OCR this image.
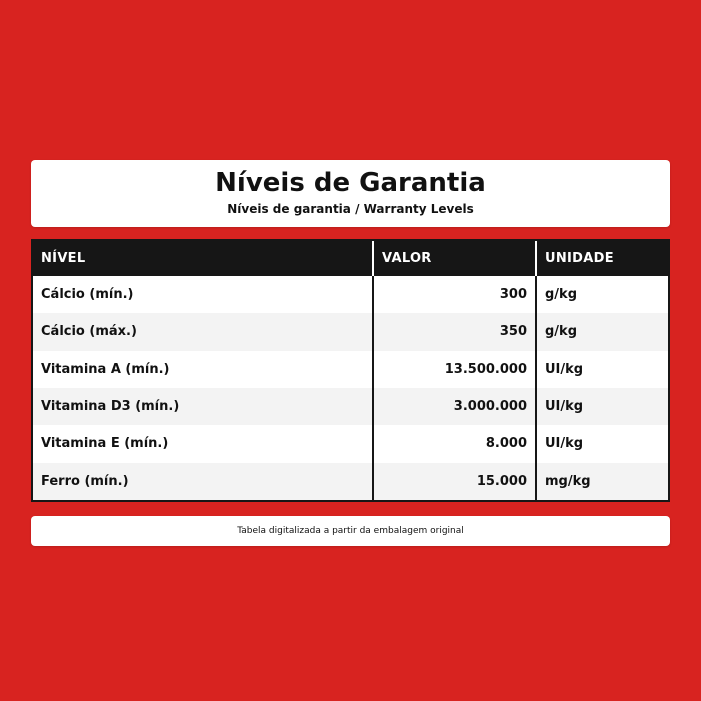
Níveis de Garantia
Níveis de garantia / Warranty Levels
NÍVEL	VALOR	UNIDADE
Cálcio (mín.)	300	g/kg
Cálcio (máx.)	350	g/kg
Vitamina A (mín.)	13.500.000	UI/kg
Vitamina D3 (mín.)	3.000.000	UI/kg
Vitamina E (mín.)	8.000	UI/kg
Ferro (mín.)	15.000	mg/kg
Tabela digitalizada a partir da embalagem original
